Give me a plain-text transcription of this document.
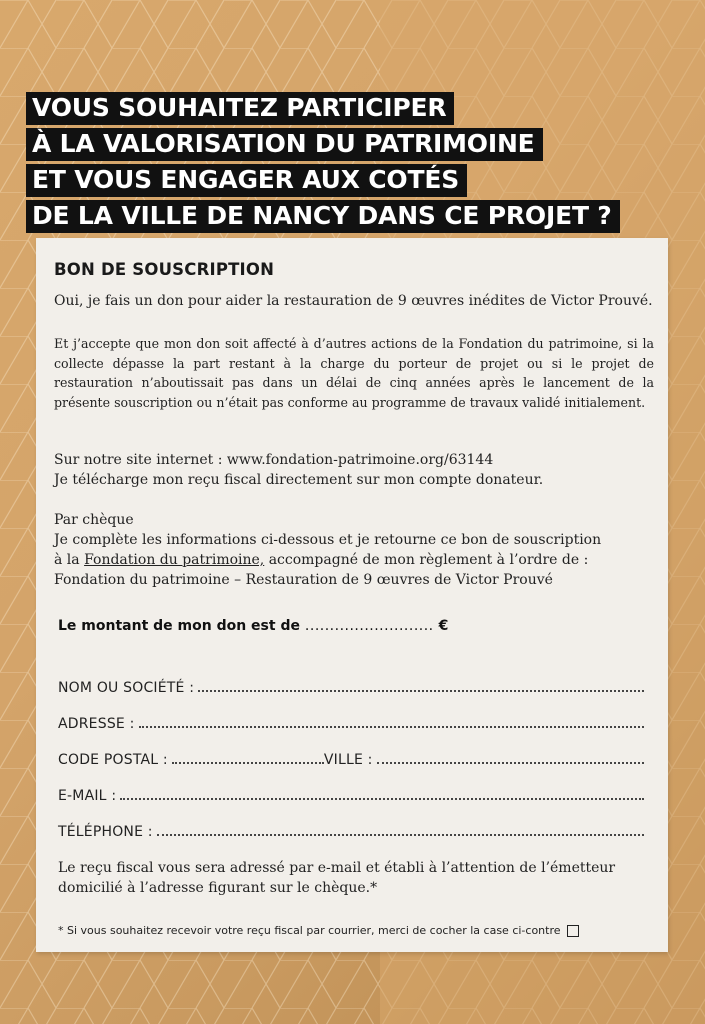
VOUS SOUHAITEZ PARTICIPER
À LA VALORISATION DU PATRIMOINE
ET VOUS ENGAGER AUX COTÉS
DE LA VILLE DE NANCY DANS CE PROJET ?
BON DE SOUSCRIPTION
Oui, je fais un don pour aider la restauration de 9 œuvres inédites de Victor Prouvé.
Et j’accepte que mon don soit affecté à d’autres actions de la Fondation du patrimoine, si la collecte dépasse la part restant à la charge du porteur de projet ou si le projet de restauration n’aboutissait pas dans un délai de cinq années après le lancement de la présente souscription ou n’était pas conforme au programme de travaux validé initialement.
Sur notre site internet : www.fondation-patrimoine.org/63144
Je télécharge mon reçu fiscal directement sur mon compte donateur.
Par chèque
Je complète les informations ci-dessous et je retourne ce bon de souscription
à la Fondation du patrimoine, accompagné de mon règlement à l’ordre de :
Fondation du patrimoine – Restauration de 9 œuvres de Victor Prouvé
Le montant de mon don est de .......................... €
NOM OU SOCIÉTÉ :
ADRESSE :
CODE POSTAL :	VILLE :
E-MAIL :
TÉLÉPHONE :
Le reçu fiscal vous sera adressé par e-mail et établi à l’attention de l’émetteur domicilié à l’adresse figurant sur le chèque.*
* Si vous souhaitez recevoir votre reçu fiscal par courrier, merci de cocher la case ci-contre
